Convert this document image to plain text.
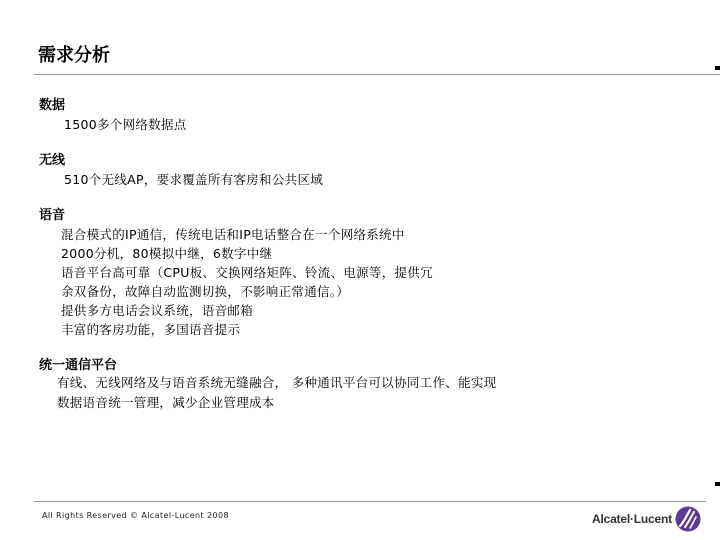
需求分析
数据
1500多个网络数据点
无线
510个无线AP，要求覆盖所有客房和公共区域
语音
混合模式的IP通信，传统电话和IP电话整合在一个网络系统中
2000分机，80模拟中继，6数字中继
语音平台高可靠（CPU板、交换网络矩阵、铃流、电源等，提供冗
余双备份，故障自动监测切换，不影响正常通信。）
提供多方电话会议系统，语音邮箱
丰富的客房功能，多国语音提示
统一通信平台
有线、无线网络及与语音系统无缝融合， 多种通讯平台可以协同工作、能实现
数据语音统一管理，减少企业管理成本
All Rights Reserved © Alcatel-Lucent 2008	Alcatel·Lucent
